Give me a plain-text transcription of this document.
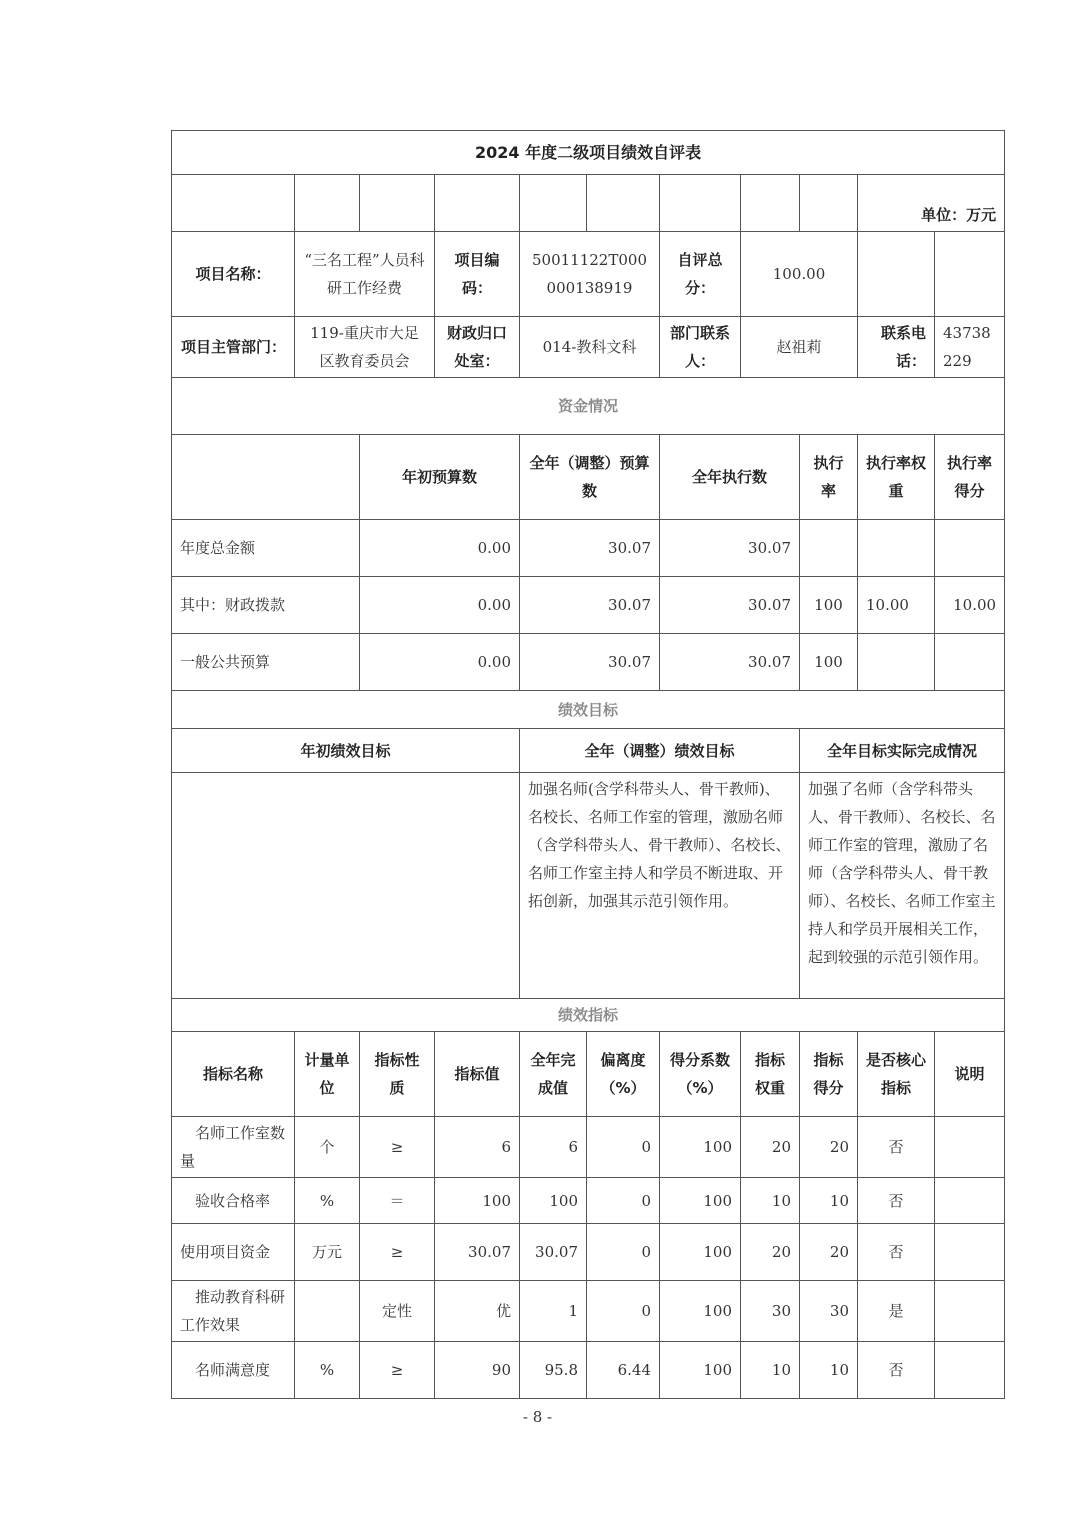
2024 年度二级项目绩效自评表										
									单位：万元	
项目名称：	“三名工程”人员科研工作经费		项目编码：	50011122T000000138919		自评总分：	100.00			
项目主管部门：	119-重庆市大足区教育委员会		财政归口处室：	014-教科文科		部门联系人：	赵祖莉		联系电话：	43738229
资金情况										
		年初预算数		全年（调整）预算数		全年执行数		执行率	执行率权重	执行率得分
年度总金额		0.00		30.07		30.07				
其中：财政拨款		0.00		30.07		30.07		100	10.00	10.00
一般公共预算		0.00		30.07		30.07		100		
绩效目标										
年初绩效目标				全年（调整）绩效目标				全年目标实际完成情况		
				加强名师(含学科带头人、骨干教师)、名校长、名师工作室的管理，激励名师（含学科带头人、骨干教师）、名校长、名师工作室主持人和学员不断进取、开拓创新，加强其示范引领作用。				加强了名师（含学科带头人、骨干教师）、名校长、名师工作室的管理，激励了名师（含学科带头人、骨干教师）、名校长、名师工作室主持人和学员开展相关工作，起到较强的示范引领作用。		
绩效指标										
指标名称	计量单位	指标性质	指标值	全年完成值	偏离度（%）	得分系数（%）	指标权重	指标得分	是否核心指标	说明
名师工作室数量	个	≥	6	6	0	100	20	20	否	
验收合格率	%	＝	100	100	0	100	10	10	否	
使用项目资金	万元	≥	30.07	30.07	0	100	20	20	否	
推动教育科研工作效果		定性	优	1	0	100	30	30	是	
名师满意度	%	≥	90	95.8	6.44	100	10	10	否	
- 8 -
